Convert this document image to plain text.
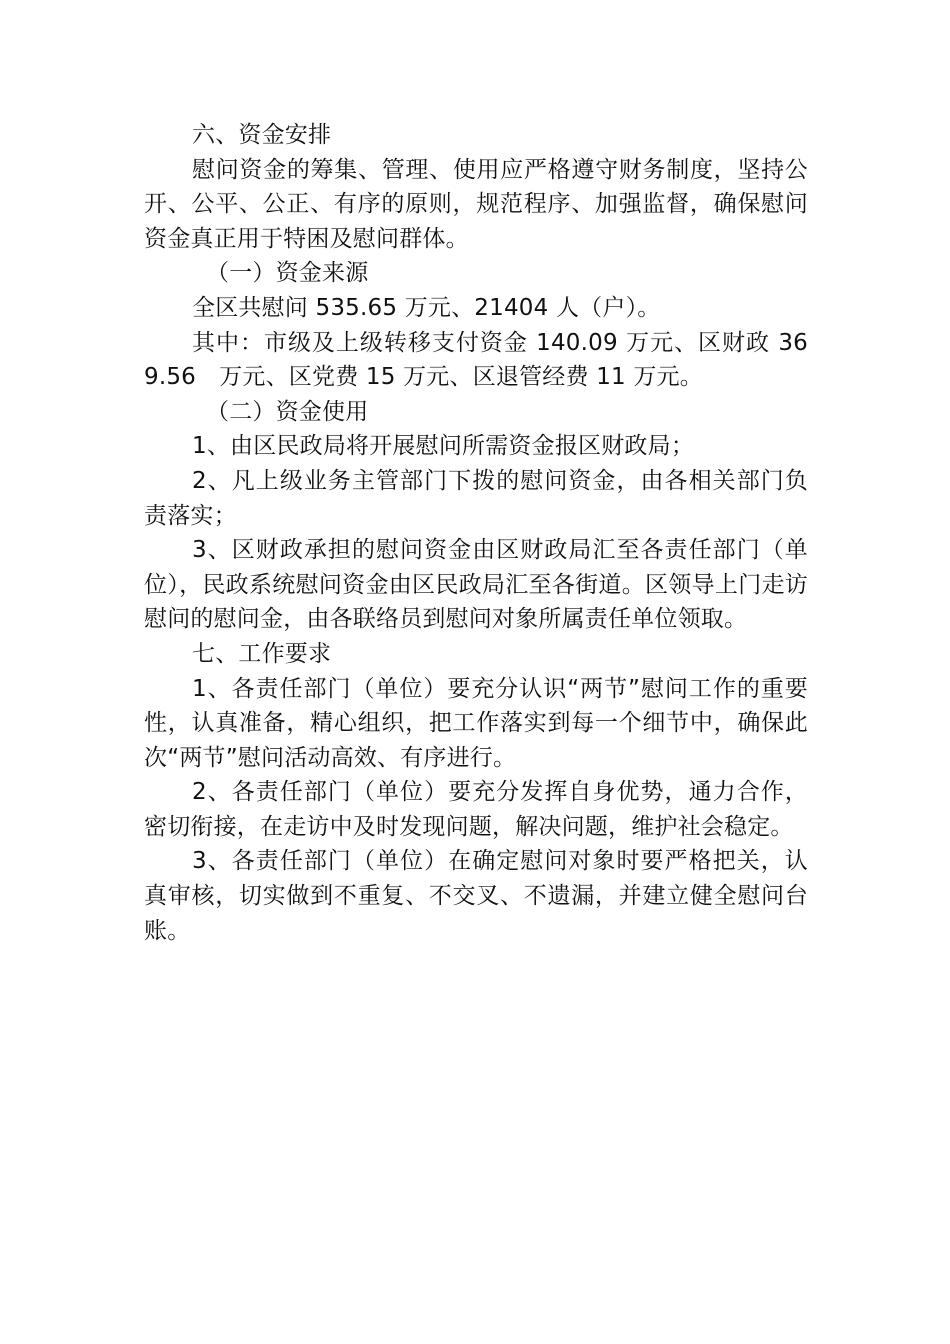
六、资金安排

慰问资金的筹集、管理、使用应严格遵守财务制度，坚持公开、公平、公正、有序的原则，规范程序、加强监督，确保慰问资金真正用于特困及慰问群体。

（一）资金来源

全区共慰问 535.65 万元、21404 人（户）。

其中：市级及上级转移支付资金 140.09 万元、区财政 369.56　万元、区党费 15 万元、区退管经费 11 万元。

（二）资金使用

1、由区民政局将开展慰问所需资金报区财政局；

2、凡上级业务主管部门下拨的慰问资金，由各相关部门负责落实；

3、区财政承担的慰问资金由区财政局汇至各责任部门（单位），民政系统慰问资金由区民政局汇至各街道。区领导上门走访慰问的慰问金，由各联络员到慰问对象所属责任单位领取。

七、工作要求

1、各责任部门（单位）要充分认识“两节”慰问工作的重要性，认真准备，精心组织，把工作落实到每一个细节中，确保此次“两节”慰问活动高效、有序进行。

2、各责任部门（单位）要充分发挥自身优势，通力合作，密切衔接，在走访中及时发现问题，解决问题，维护社会稳定。

3、各责任部门（单位）在确定慰问对象时要严格把关，认真审核，切实做到不重复、不交叉、不遗漏，并建立健全慰问台账。
